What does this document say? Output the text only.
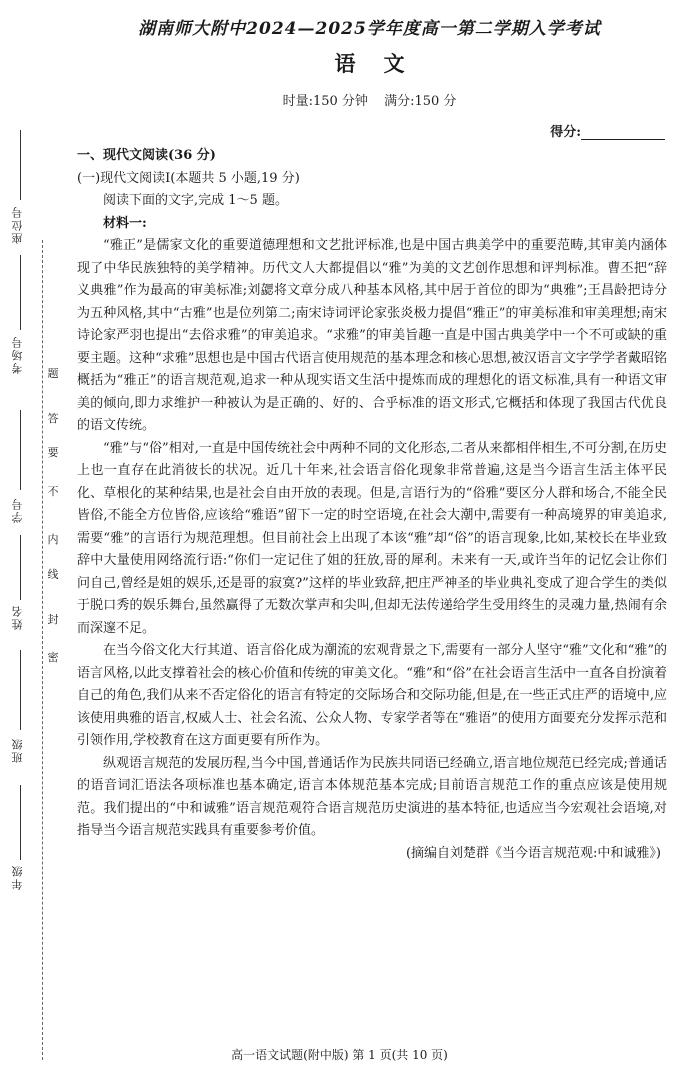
座位号
考场号
学号
姓名
班级
年级
题
答
要
不
内
线
封
密
湖南师大附中2024—2025学年度高一第二学期入学考试
语文
时量:150 分钟 满分:150 分
得分:

一、现代文阅读(36 分)

(一)现代文阅读Ⅰ(本题共 5 小题,19 分)

阅读下面的文字,完成 1～5 题。

材料一:

“雅正”是儒家文化的重要道德理想和文艺批评标准,也是中国古典美学中的重要范畴,其审美内涵体现了中华民族独特的美学精神。历代文人大都提倡以“雅”为美的文艺创作思想和评判标准。曹丕把“辞义典雅”作为最高的审美标准;刘勰将文章分成八种基本风格,其中居于首位的即为“典雅”;王昌龄把诗分为五种风格,其中“古雅”也是位列第二;南宋诗词评论家张炎极力提倡“雅正”的审美标准和审美理想;南宋诗论家严羽也提出“去俗求雅”的审美追求。“求雅”的审美旨趣一直是中国古典美学中一个不可或缺的重要主题。这种“求雅”思想也是中国古代语言使用规范的基本理念和核心思想,被汉语言文字学学者戴昭铭概括为“雅正”的语言规范观,追求一种从现实语文生活中提炼而成的理想化的语文标准,具有一种语文审美的倾向,即力求维护一种被认为是正确的、好的、合乎标准的语文形式,它概括和体现了我国古代优良的语文传统。

“雅”与“俗”相对,一直是中国传统社会中两种不同的文化形态,二者从来都相伴相生,不可分割,在历史上也一直存在此消彼长的状况。近几十年来,社会语言俗化现象非常普遍,这是当今语言生活主体平民化、草根化的某种结果,也是社会自由开放的表现。但是,言语行为的“俗雅”要区分人群和场合,不能全民皆俗,不能全方位皆俗,应该给“雅语”留下一定的时空语境,在社会大潮中,需要有一种高境界的审美追求,需要“雅”的言语行为规范理想。但目前社会上出现了本该“雅”却“俗”的语言现象,比如,某校长在毕业致辞中大量使用网络流行语:“你们一定记住了姐的狂放,哥的犀利。未来有一天,或许当年的记忆会让你们问自己,曾经是姐的娱乐,还是哥的寂寞?”这样的毕业致辞,把庄严神圣的毕业典礼变成了迎合学生的类似于脱口秀的娱乐舞台,虽然赢得了无数次掌声和尖叫,但却无法传递给学生受用终生的灵魂力量,热闹有余而深邃不足。

在当今俗文化大行其道、语言俗化成为潮流的宏观背景之下,需要有一部分人坚守“雅”文化和“雅”的语言风格,以此支撑着社会的核心价值和传统的审美文化。“雅”和“俗”在社会语言生活中一直各自扮演着自己的角色,我们从来不否定俗化的语言有特定的交际场合和交际功能,但是,在一些正式庄严的语境中,应该使用典雅的语言,权威人士、社会名流、公众人物、专家学者等在“雅语”的使用方面要充分发挥示范和引领作用,学校教育在这方面更要有所作为。

纵观语言规范的发展历程,当今中国,普通话作为民族共同语已经确立,语言地位规范已经完成;普通话的语音词汇语法各项标准也基本确定,语言本体规范基本完成;目前语言规范工作的重点应该是使用规范。我们提出的“中和诚雅”语言规范观符合语言规范历史演进的基本特征,也适应当今宏观社会语境,对指导当今语言规范实践具有重要参考价值。

(摘编自刘楚群《当今语言规范观:中和诚雅》)

高一语文试题(附中版) 第 1 页(共 10 页)
